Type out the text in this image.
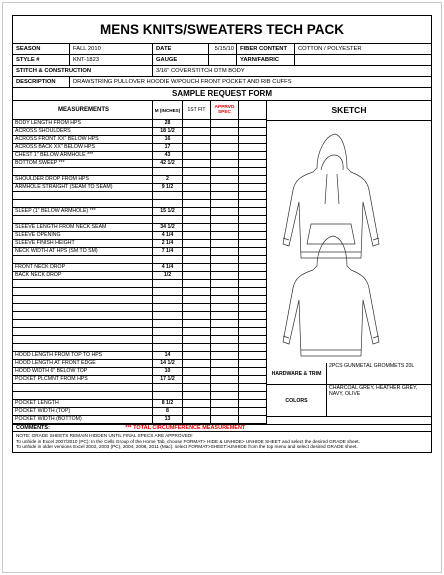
MENS KNITS/SWEATERS TECH PACK
SEASON	FALL 2010	DATE	5/15/10	FIBER CONTENT	COTTON / POLYESTER
STYLE #	KNT-1823	GAUGE	YARN/FABRIC
STITCH & CONSTRUCTION	3/16" COVERSTITCH DTM BODY
DESCRIPTION	DRAWSTRING PULLOVER HOODIE W/POUCH FRONT POCKET AND RIB CUFFS
SAMPLE REQUEST FORM
MEASUREMENTS	M (INCHES)	1ST FIT	APPRVD SPEC
BODY LENGTH FROM HPS	28
ACROSS SHOULDERS	18 1/2
ACROSS FRONT XX" BELOW HPS	16
ACROSS BACK XX" BELOW HPS	17
CHEST 1" BELOW ARMHOLE ***	43
BOTTOM SWEEP ***	42 1/2
SHOULDER DROP FROM HPS	2
ARMHOLE STRAIGHT (SEAM TO SEAM)	9 1/2
SLEEP (1" BELOW ARMHOLE) ***	15 1/2
SLEEVE LENGTH FROM NECK SEAM	34 1/2
SLEEVE OPENING	4 1/4
SLEEVE FINISH HEIGHT	2 1/4
NECK WIDTH AT HPS (SM TO SM)	7 1/4
FRONT NECK DROP	4 1/4
BACK NECK DROP	1/2
HOOD LENGTH FROM TOP TO HPS	14
HOOD LENGTH AT FRONT EDGE	14 1/2
HOOD WIDTH 6" BELOW TOP	10
POCKET PLCMNT FROM HPS	17 1/2
POCKET LENGTH	8 1/2
POCKET WIDTH (TOP)	8
POCKET WIDTH (BOTTOM)	13
SKETCH
HARDWARE & TRIM
2PCS GUNMETAL GROMMETS 20L
COLORS
CHARCOAL GREY, HEATHER GREY, NAVY, OLIVE
COMMENTS:	*** TOTAL CIRCUMFERENCE MEASUREMENT
NOTE: GRADE SHEETS REMAIN HIDDEN UNTIL FINAL SPECS ARE APPROVED!
To unhide in Excel 2007/2010 (PC): In the Cells Group of the Home Tab, choose FORMAT> HIDE & UNHIDE> UNHIDE SHEET and select the desired GRADE sheet.
To unhide in older versions Excel 2002, 2003 (PC), 2004, 2008, 2011 (Mac): select FORMAT>SHEET>UNHIDE from the top menu and select desired GRADE sheet.
